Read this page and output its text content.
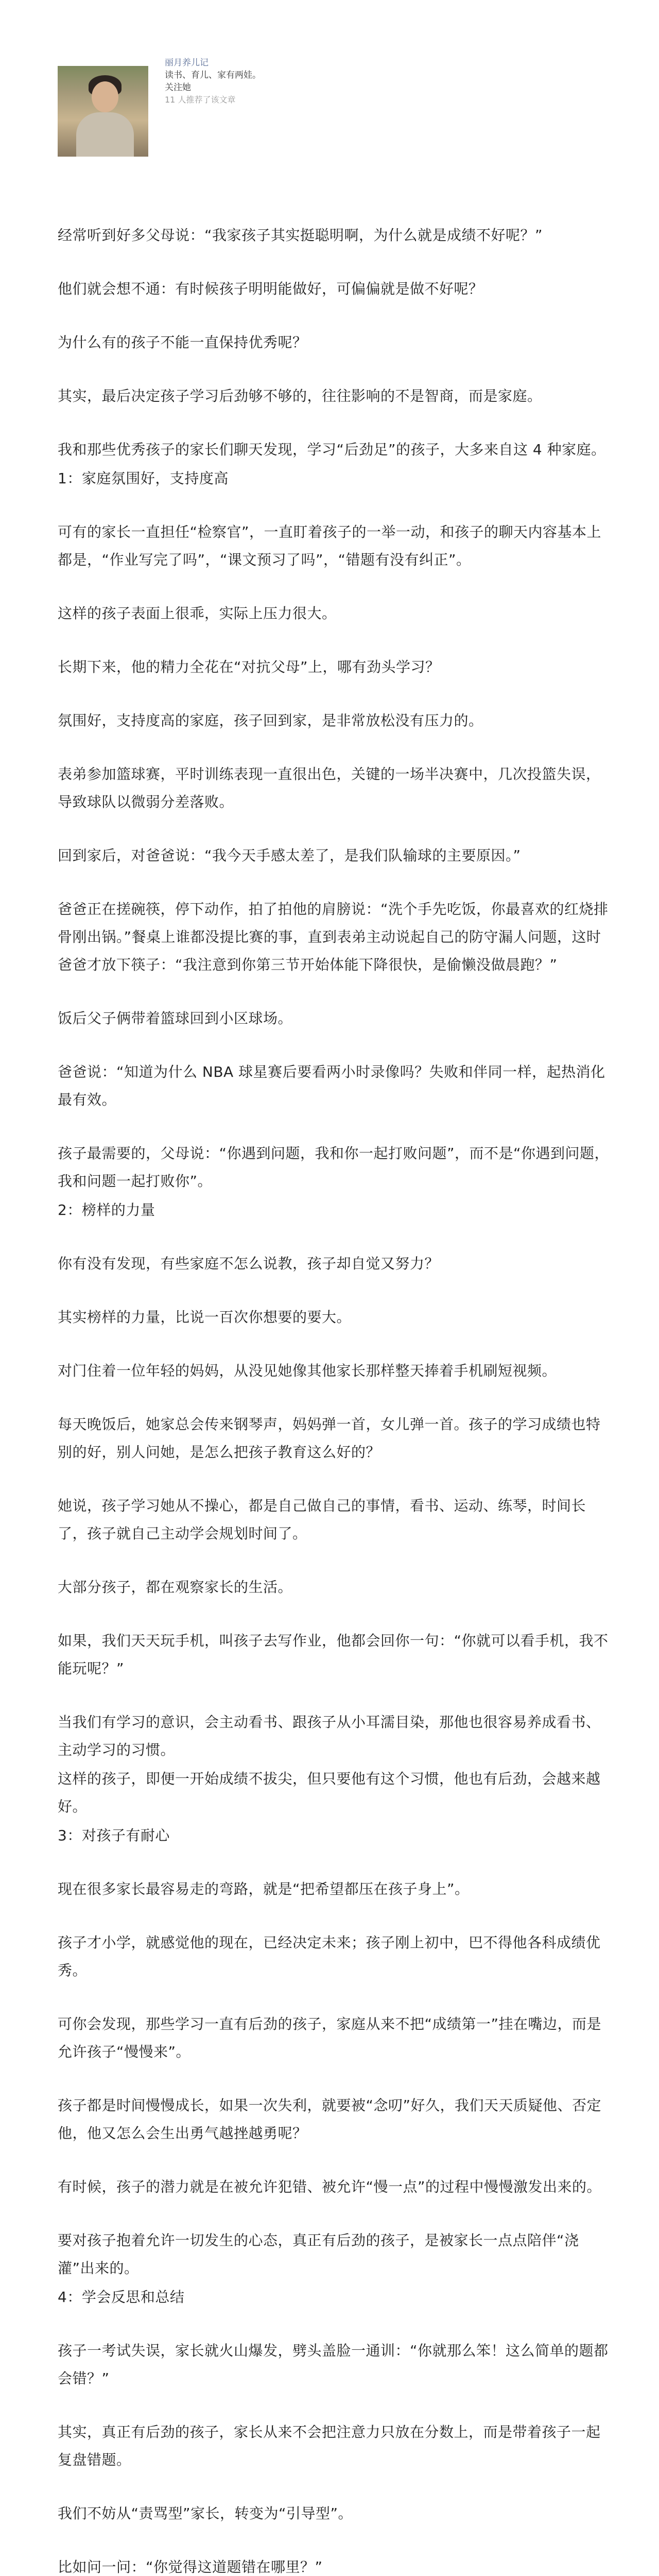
丽月养儿记
读书、育儿、家有两娃。
关注她
11 人推荐了该文章

经常听到好多父母说：“我家孩子其实挺聪明啊，为什么就是成绩不好呢？”

他们就会想不通：有时候孩子明明能做好，可偏偏就是做不好呢？

为什么有的孩子不能一直保持优秀呢？

其实，最后决定孩子学习后劲够不够的，往往影响的不是智商，而是家庭。

我和那些优秀孩子的家长们聊天发现，学习“后劲足”的孩子，大多来自这 4 种家庭。

1：家庭氛围好，支持度高

可有的家长一直担任“检察官”，一直盯着孩子的一举一动，和孩子的聊天内容基本上都是，“作业写完了吗”，“课文预习了吗”，“错题有没有纠正”。

这样的孩子表面上很乖，实际上压力很大。

长期下来，他的精力全花在“对抗父母”上，哪有劲头学习？

氛围好，支持度高的家庭，孩子回到家，是非常放松没有压力的。

表弟参加篮球赛，平时训练表现一直很出色，关键的一场半决赛中，几次投篮失误，导致球队以微弱分差落败。

回到家后，对爸爸说：“我今天手感太差了，是我们队输球的主要原因。”

爸爸正在搓碗筷，停下动作，拍了拍他的肩膀说：“洗个手先吃饭，你最喜欢的红烧排骨刚出锅。”餐桌上谁都没提比赛的事，直到表弟主动说起自己的防守漏人问题，这时爸爸才放下筷子：“我注意到你第三节开始体能下降很快，是偷懒没做晨跑？”

饭后父子俩带着篮球回到小区球场。

爸爸说：“知道为什么 NBA 球星赛后要看两小时录像吗？失败和伴同一样，起热消化最有效。

孩子最需要的，父母说：“你遇到问题，我和你一起打败问题”，而不是“你遇到问题，我和问题一起打败你”。

2：榜样的力量

你有没有发现，有些家庭不怎么说教，孩子却自觉又努力？

其实榜样的力量，比说一百次你想要的要大。

对门住着一位年轻的妈妈，从没见她像其他家长那样整天捧着手机刷短视频。

每天晚饭后，她家总会传来钢琴声，妈妈弹一首，女儿弹一首。孩子的学习成绩也特别的好，别人问她，是怎么把孩子教育这么好的？

她说，孩子学习她从不操心，都是自己做自己的事情，看书、运动、练琴，时间长了，孩子就自己主动学会规划时间了。

大部分孩子，都在观察家长的生活。

如果，我们天天玩手机，叫孩子去写作业，他都会回你一句：“你就可以看手机，我不能玩呢？”

当我们有学习的意识，会主动看书、跟孩子从小耳濡目染，那他也很容易养成看书、主动学习的习惯。

这样的孩子，即便一开始成绩不拔尖，但只要他有这个习惯，他也有后劲，会越来越好。

3：对孩子有耐心

现在很多家长最容易走的弯路，就是“把希望都压在孩子身上”。

孩子才小学，就感觉他的现在，已经决定未来；孩子刚上初中，巴不得他各科成绩优秀。

可你会发现，那些学习一直有后劲的孩子，家庭从来不把“成绩第一”挂在嘴边，而是允许孩子“慢慢来”。

孩子都是时间慢慢成长，如果一次失利，就要被“念叨”好久，我们天天质疑他、否定他，他又怎么会生出勇气越挫越勇呢？

有时候，孩子的潜力就是在被允许犯错、被允许“慢一点”的过程中慢慢激发出来的。

要对孩子抱着允许一切发生的心态，真正有后劲的孩子，是被家长一点点陪伴“浇灌”出来的。

4：学会反思和总结

孩子一考试失误，家长就火山爆发，劈头盖脸一通训：“你就那么笨！这么简单的题都会错？”

其实，真正有后劲的孩子，家长从来不会把注意力只放在分数上，而是带着孩子一起复盘错题。

我们不妨从“责骂型”家长，转变为“引导型”。

比如问一问：“你觉得这道题错在哪里？”
